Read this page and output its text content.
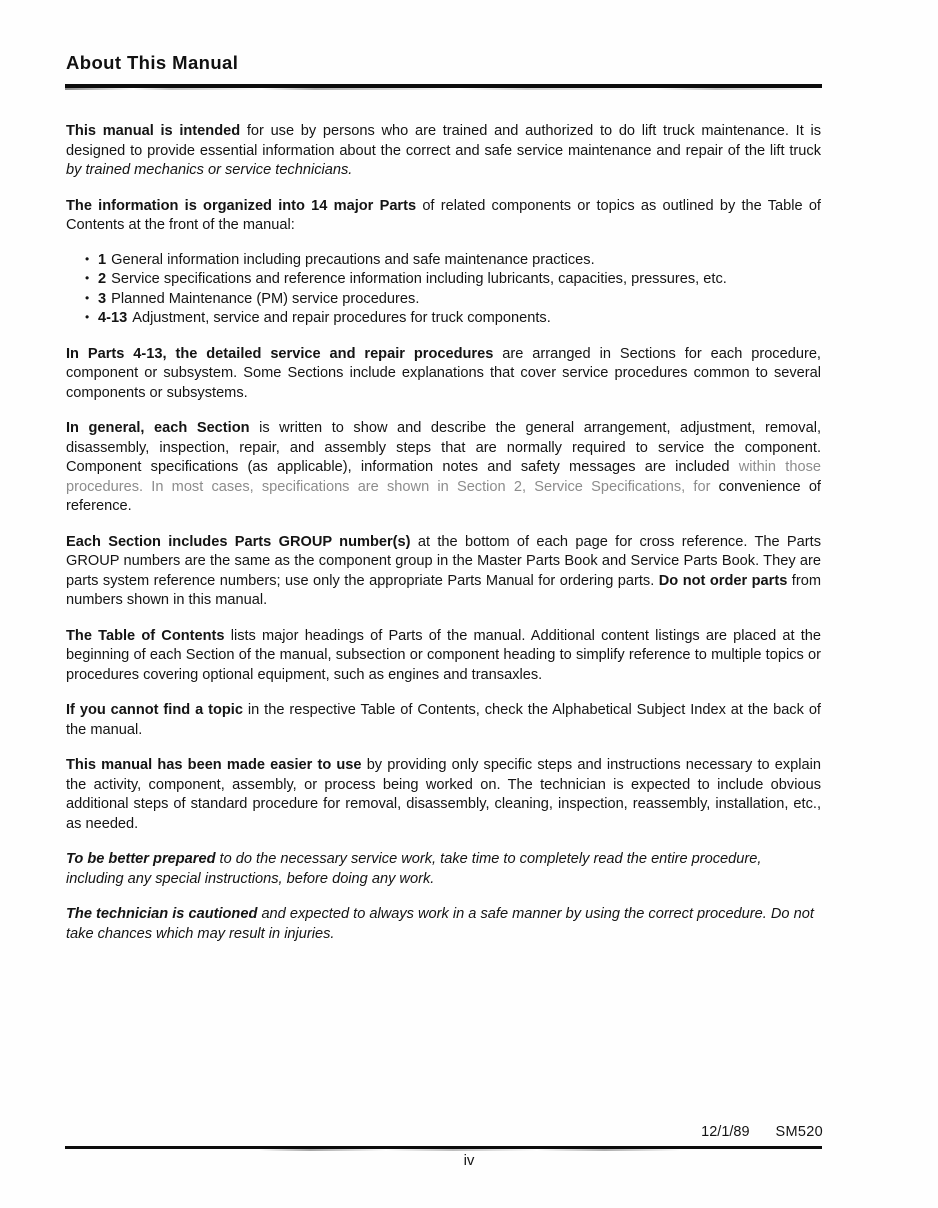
About This Manual

This manual is intended for use by persons who are trained and authorized to do lift truck maintenance. It is designed to provide essential information about the correct and safe service maintenance and repair of the lift truck by trained mechanics or service technicians.

The information is organized into 14 major Parts of related components or topics as outlined by the Table of Contents at the front of the manual:

• 1 General information including precautions and safe maintenance practices.
• 2 Service specifications and reference information including lubricants, capacities, pressures, etc.
• 3 Planned Maintenance (PM) service procedures.
• 4-13 Adjustment, service and repair procedures for truck components.

In Parts 4-13, the detailed service and repair procedures are arranged in Sections for each procedure, component or subsystem. Some Sections include explanations that cover service procedures common to several components or subsystems.

In general, each Section is written to show and describe the general arrangement, adjustment, removal, disassembly, inspection, repair, and assembly steps that are normally required to service the component. Component specifications (as applicable), information notes and safety messages are included within those procedures. In most cases, specifications are shown in Section 2, Service Specifications, for convenience of reference.

Each Section includes Parts GROUP number(s) at the bottom of each page for cross reference. The Parts GROUP numbers are the same as the component group in the Master Parts Book and Service Parts Book. They are parts system reference numbers; use only the appropriate Parts Manual for ordering parts. Do not order parts from numbers shown in this manual.

The Table of Contents lists major headings of Parts of the manual. Additional content listings are placed at the beginning of each Section of the manual, subsection or component heading to simplify reference to multiple topics or procedures covering optional equipment, such as engines and transaxles.

If you cannot find a topic in the respective Table of Contents, check the Alphabetical Subject Index at the back of the manual.

This manual has been made easier to use by providing only specific steps and instructions necessary to explain the activity, component, assembly, or process being worked on. The technician is expected to include obvious additional steps of standard procedure for removal, disassembly, cleaning, inspection, reassembly, installation, etc., as needed.

To be better prepared to do the necessary service work, take time to completely read the entire procedure, including any special instructions, before doing any work.

The technician is cautioned and expected to always work in a safe manner by using the correct procedure. Do not take chances which may result in injuries.

12/1/89 SM520
iv
